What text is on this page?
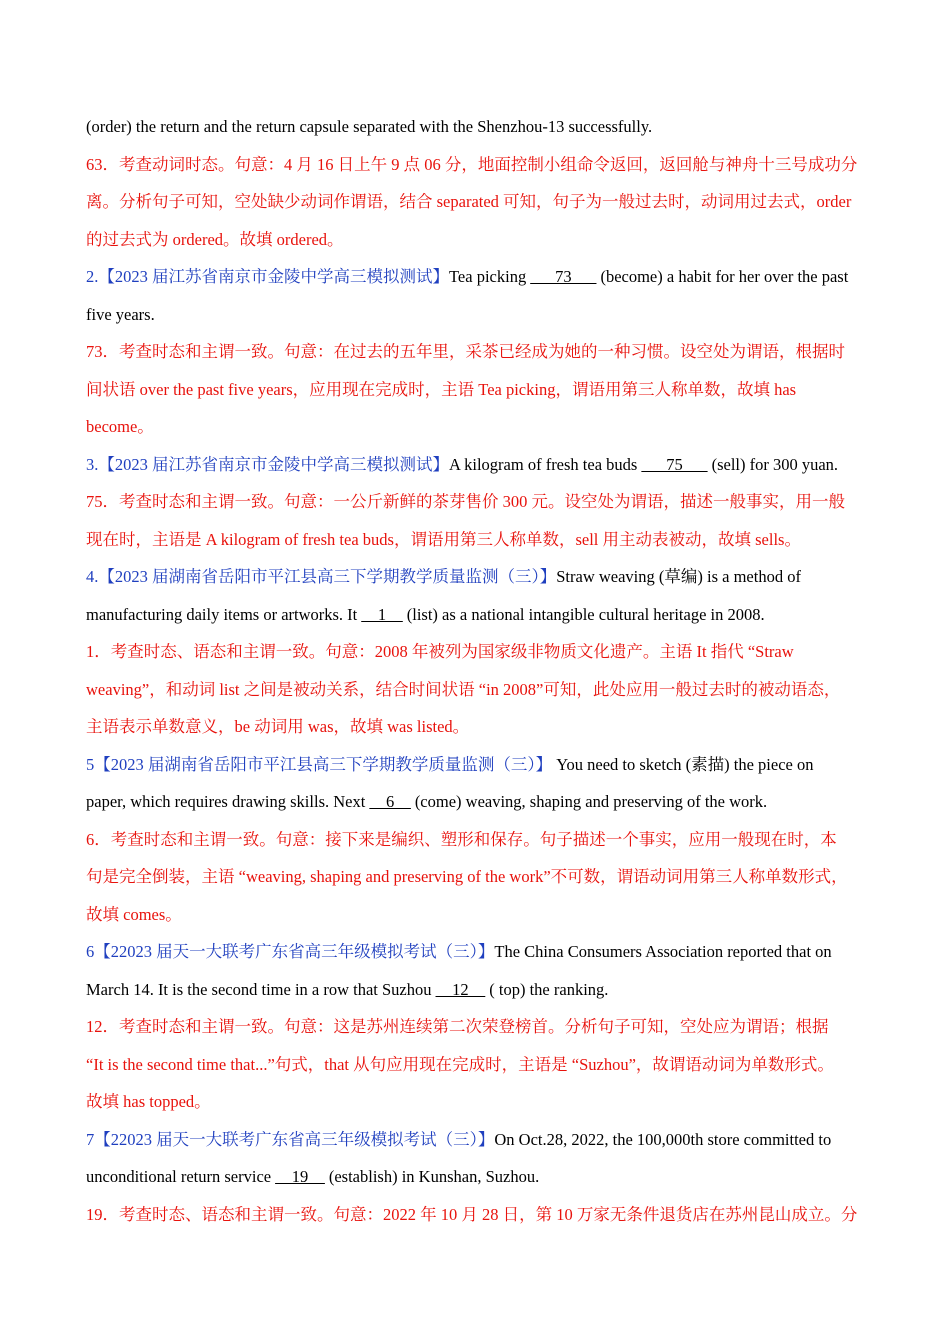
(order) the return and the return capsule separated with the Shenzhou-13 successfully.
63．考查动词时态。句意：4 月 16 日上午 9 点 06 分，地面控制小组命令返回，返回舱与神舟十三号成功分
离。分析句子可知，空处缺少动词作谓语，结合 separated 可知，句子为一般过去时，动词用过去式，order
的过去式为 ordered。故填 ordered。
2.【2023 届江苏省南京市金陵中学高三模拟测试】Tea picking ___73___ (become) a habit for her over the past
five years.
73．考查时态和主谓一致。句意：在过去的五年里，采茶已经成为她的一种习惯。设空处为谓语，根据时
间状语 over the past five years，应用现在完成时，主语 Tea picking，谓语用第三人称单数，故填 has
become。
3.【2023 届江苏省南京市金陵中学高三模拟测试】A kilogram of fresh tea buds ___75___ (sell) for 300 yuan.
75．考查时态和主谓一致。句意：一公斤新鲜的茶芽售价 300 元。设空处为谓语，描述一般事实，用一般
现在时，主语是 A kilogram of fresh tea buds，谓语用第三人称单数，sell 用主动表被动，故填 sells。
4.【2023 届湖南省岳阳市平江县高三下学期教学质量监测（三）】Straw weaving (草编) is a method of
manufacturing daily items or artworks. It __1__ (list) as a national intangible cultural heritage in 2008.
1．考查时态、语态和主谓一致。句意：2008 年被列为国家级非物质文化遗产。主语 It 指代 “Straw
weaving”，和动词 list 之间是被动关系，结合时间状语 “in 2008”可知，此处应用一般过去时的被动语态，
主语表示单数意义，be 动词用 was，故填 was listed。
5【2023 届湖南省岳阳市平江县高三下学期教学质量监测（三）】 You need to sketch (素描) the piece on
paper, which requires drawing skills. Next __6__ (come) weaving, shaping and preserving of the work.
6．考查时态和主谓一致。句意：接下来是编织、塑形和保存。句子描述一个事实，应用一般现在时，本
句是完全倒装，主语 “weaving, shaping and preserving of the work”不可数，谓语动词用第三人称单数形式，
故填 comes。
6【22023 届天一大联考广东省高三年级模拟考试（三）】The China Consumers Association reported that on
March 14. It is the second time in a row that Suzhou __12__ ( top) the ranking.
12．考查时态和主谓一致。句意：这是苏州连续第二次荣登榜首。分析句子可知，空处应为谓语；根据
“It is the second time that...”句式，that 从句应用现在完成时，主语是 “Suzhou”，故谓语动词为单数形式。
故填 has topped。
7【22023 届天一大联考广东省高三年级模拟考试（三）】On Oct.28, 2022, the 100,000th store committed to
unconditional return service __19__ (establish) in Kunshan, Suzhou.
19．考查时态、语态和主谓一致。句意：2022 年 10 月 28 日，第 10 万家无条件退货店在苏州昆山成立。分
